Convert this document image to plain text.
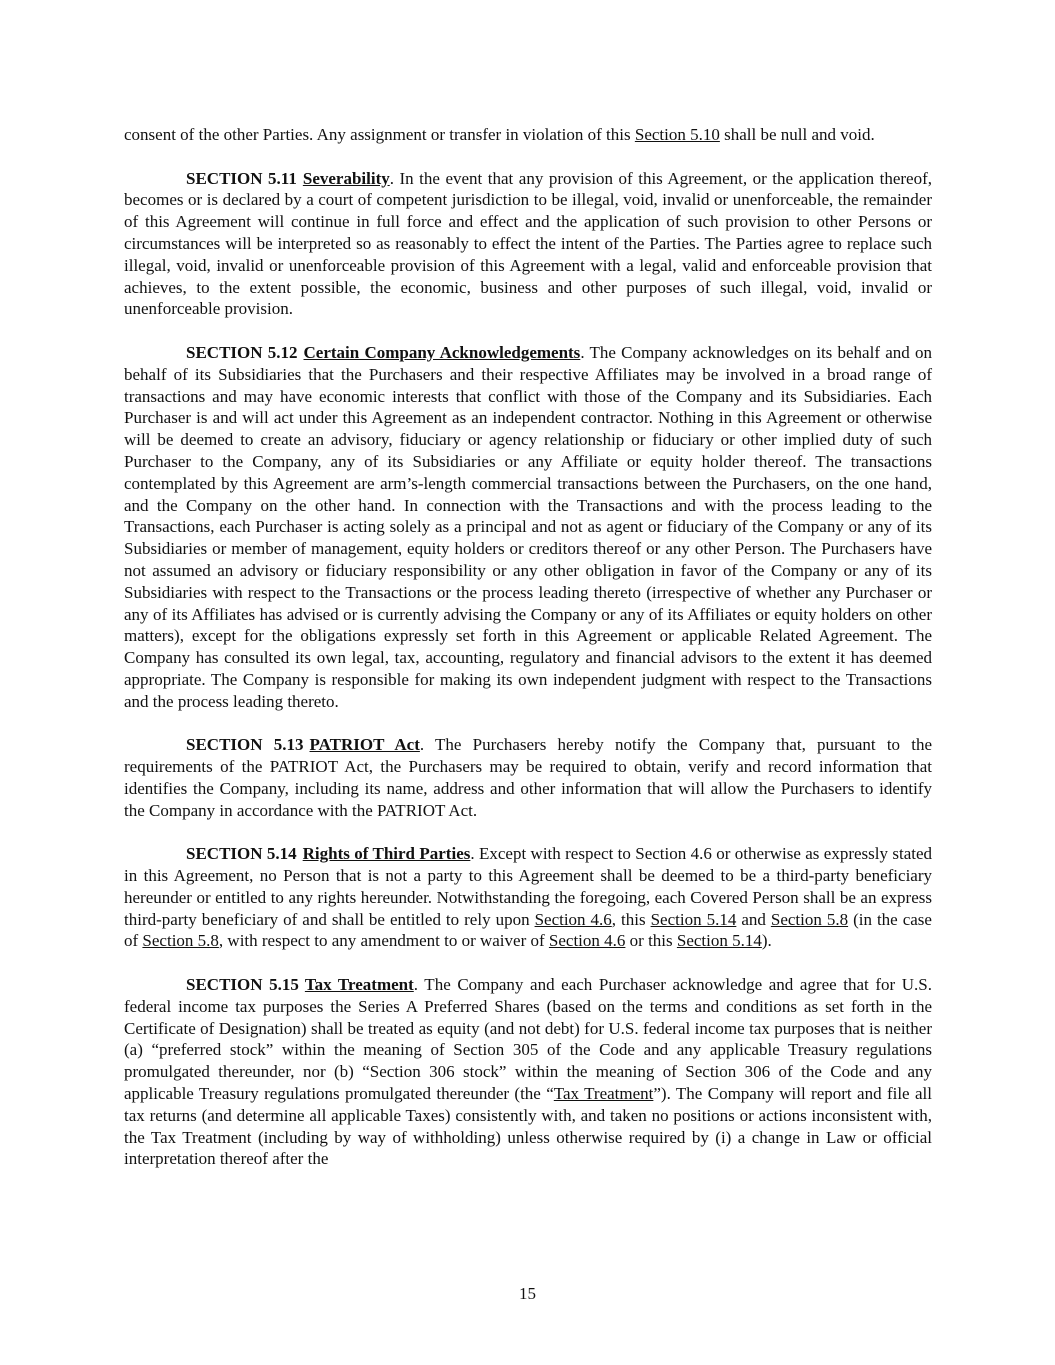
consent of the other Parties. Any assignment or transfer in violation of this Section 5.10 shall be null and void.

SECTION 5.11 Severability. In the event that any provision of this Agreement, or the application thereof, becomes or is declared by a court of competent jurisdiction to be illegal, void, invalid or unenforceable, the remainder of this Agreement will continue in full force and effect and the application of such provision to other Persons or circumstances will be interpreted so as reasonably to effect the intent of the Parties. The Parties agree to replace such illegal, void, invalid or unenforceable provision of this Agreement with a legal, valid and enforceable provision that achieves, to the extent possible, the economic, business and other purposes of such illegal, void, invalid or unenforceable provision.

SECTION 5.12 Certain Company Acknowledgements. The Company acknowledges on its behalf and on behalf of its Subsidiaries that the Purchasers and their respective Affiliates may be involved in a broad range of transactions and may have economic interests that conflict with those of the Company and its Subsidiaries. Each Purchaser is and will act under this Agreement as an independent contractor. Nothing in this Agreement or otherwise will be deemed to create an advisory, fiduciary or agency relationship or fiduciary or other implied duty of such Purchaser to the Company, any of its Subsidiaries or any Affiliate or equity holder thereof. The transactions contemplated by this Agreement are arm’s-length commercial transactions between the Purchasers, on the one hand, and the Company on the other hand. In connection with the Transactions and with the process leading to the Transactions, each Purchaser is acting solely as a principal and not as agent or fiduciary of the Company or any of its Subsidiaries or member of management, equity holders or creditors thereof or any other Person. The Purchasers have not assumed an advisory or fiduciary responsibility or any other obligation in favor of the Company or any of its Subsidiaries with respect to the Transactions or the process leading thereto (irrespective of whether any Purchaser or any of its Affiliates has advised or is currently advising the Company or any of its Affiliates or equity holders on other matters), except for the obligations expressly set forth in this Agreement or applicable Related Agreement. The Company has consulted its own legal, tax, accounting, regulatory and financial advisors to the extent it has deemed appropriate. The Company is responsible for making its own independent judgment with respect to the Transactions and the process leading thereto.

SECTION 5.13 PATRIOT Act. The Purchasers hereby notify the Company that, pursuant to the requirements of the PATRIOT Act, the Purchasers may be required to obtain, verify and record information that identifies the Company, including its name, address and other information that will allow the Purchasers to identify the Company in accordance with the PATRIOT Act.

SECTION 5.14 Rights of Third Parties. Except with respect to Section 4.6 or otherwise as expressly stated in this Agreement, no Person that is not a party to this Agreement shall be deemed to be a third-party beneficiary hereunder or entitled to any rights hereunder. Notwithstanding the foregoing, each Covered Person shall be an express third-party beneficiary of and shall be entitled to rely upon Section 4.6, this Section 5.14 and Section 5.8 (in the case of Section 5.8, with respect to any amendment to or waiver of Section 4.6 or this Section 5.14).

SECTION 5.15 Tax Treatment. The Company and each Purchaser acknowledge and agree that for U.S. federal income tax purposes the Series A Preferred Shares (based on the terms and conditions as set forth in the Certificate of Designation) shall be treated as equity (and not debt) for U.S. federal income tax purposes that is neither (a) “preferred stock” within the meaning of Section 305 of the Code and any applicable Treasury regulations promulgated thereunder, nor (b) “Section 306 stock” within the meaning of Section 306 of the Code and any applicable Treasury regulations promulgated thereunder (the “Tax Treatment”). The Company will report and file all tax returns (and determine all applicable Taxes) consistently with, and taken no positions or actions inconsistent with, the Tax Treatment (including by way of withholding) unless otherwise required by (i) a change in Law or official interpretation thereof after the

15
